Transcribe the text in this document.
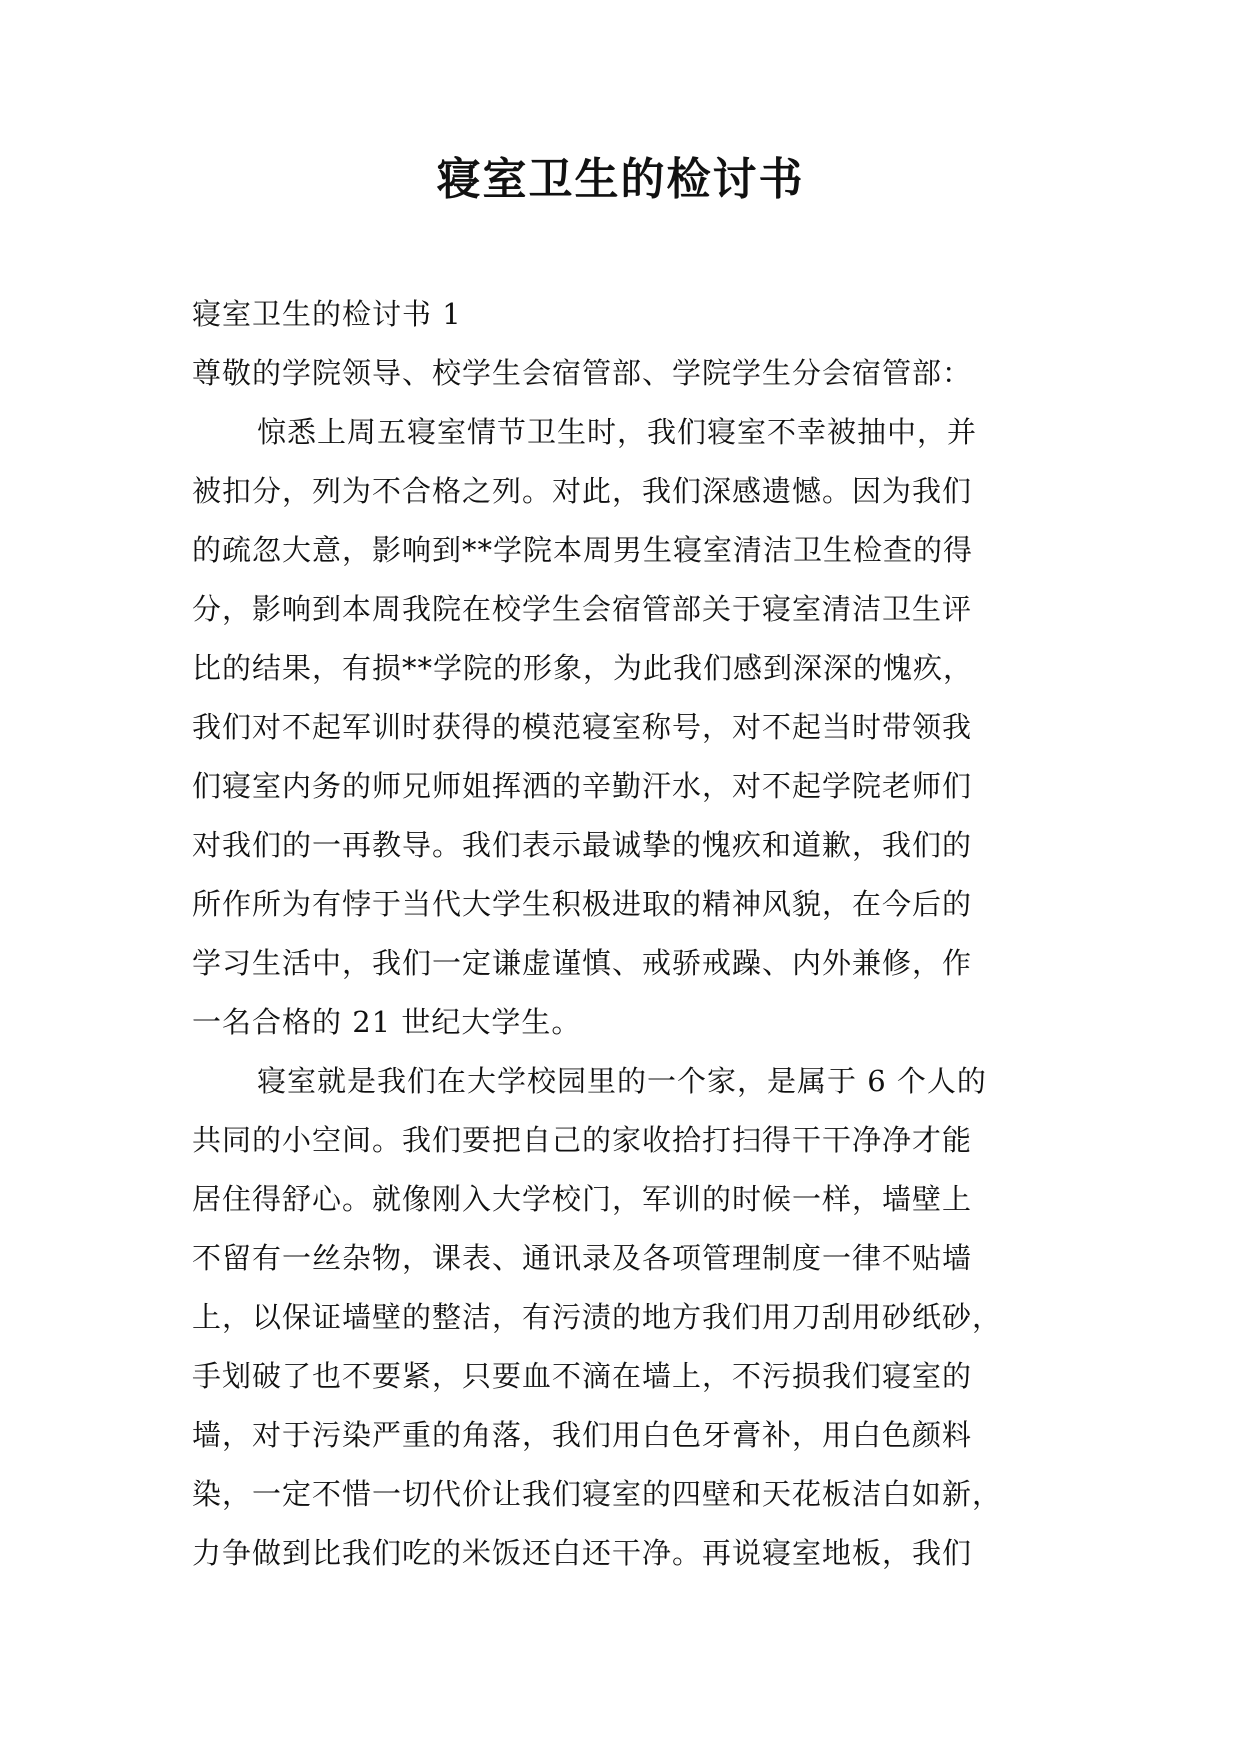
寝室卫生的检讨书
寝室卫生的检讨书 1
尊敬的学院领导、校学生会宿管部、学院学生分会宿管部：
惊悉上周五寝室情节卫生时，我们寝室不幸被抽中，并
被扣分，列为不合格之列。对此，我们深感遗憾。因为我们
的疏忽大意，影响到**学院本周男生寝室清洁卫生检查的得
分，影响到本周我院在校学生会宿管部关于寝室清洁卫生评
比的结果，有损**学院的形象，为此我们感到深深的愧疚，
我们对不起军训时获得的模范寝室称号，对不起当时带领我
们寝室内务的师兄师姐挥洒的辛勤汗水，对不起学院老师们
对我们的一再教导。我们表示最诚挚的愧疚和道歉，我们的
所作所为有悖于当代大学生积极进取的精神风貌，在今后的
学习生活中，我们一定谦虚谨慎、戒骄戒躁、内外兼修，作
一名合格的 21 世纪大学生。
寝室就是我们在大学校园里的一个家，是属于 6 个人的
共同的小空间。我们要把自己的家收拾打扫得干干净净才能
居住得舒心。就像刚入大学校门，军训的时候一样，墙壁上
不留有一丝杂物，课表、通讯录及各项管理制度一律不贴墙
上，以保证墙壁的整洁，有污渍的地方我们用刀刮用砂纸砂，
手划破了也不要紧，只要血不滴在墙上，不污损我们寝室的
墙，对于污染严重的角落，我们用白色牙膏补，用白色颜料
染，一定不惜一切代价让我们寝室的四壁和天花板洁白如新，
力争做到比我们吃的米饭还白还干净。再说寝室地板，我们
